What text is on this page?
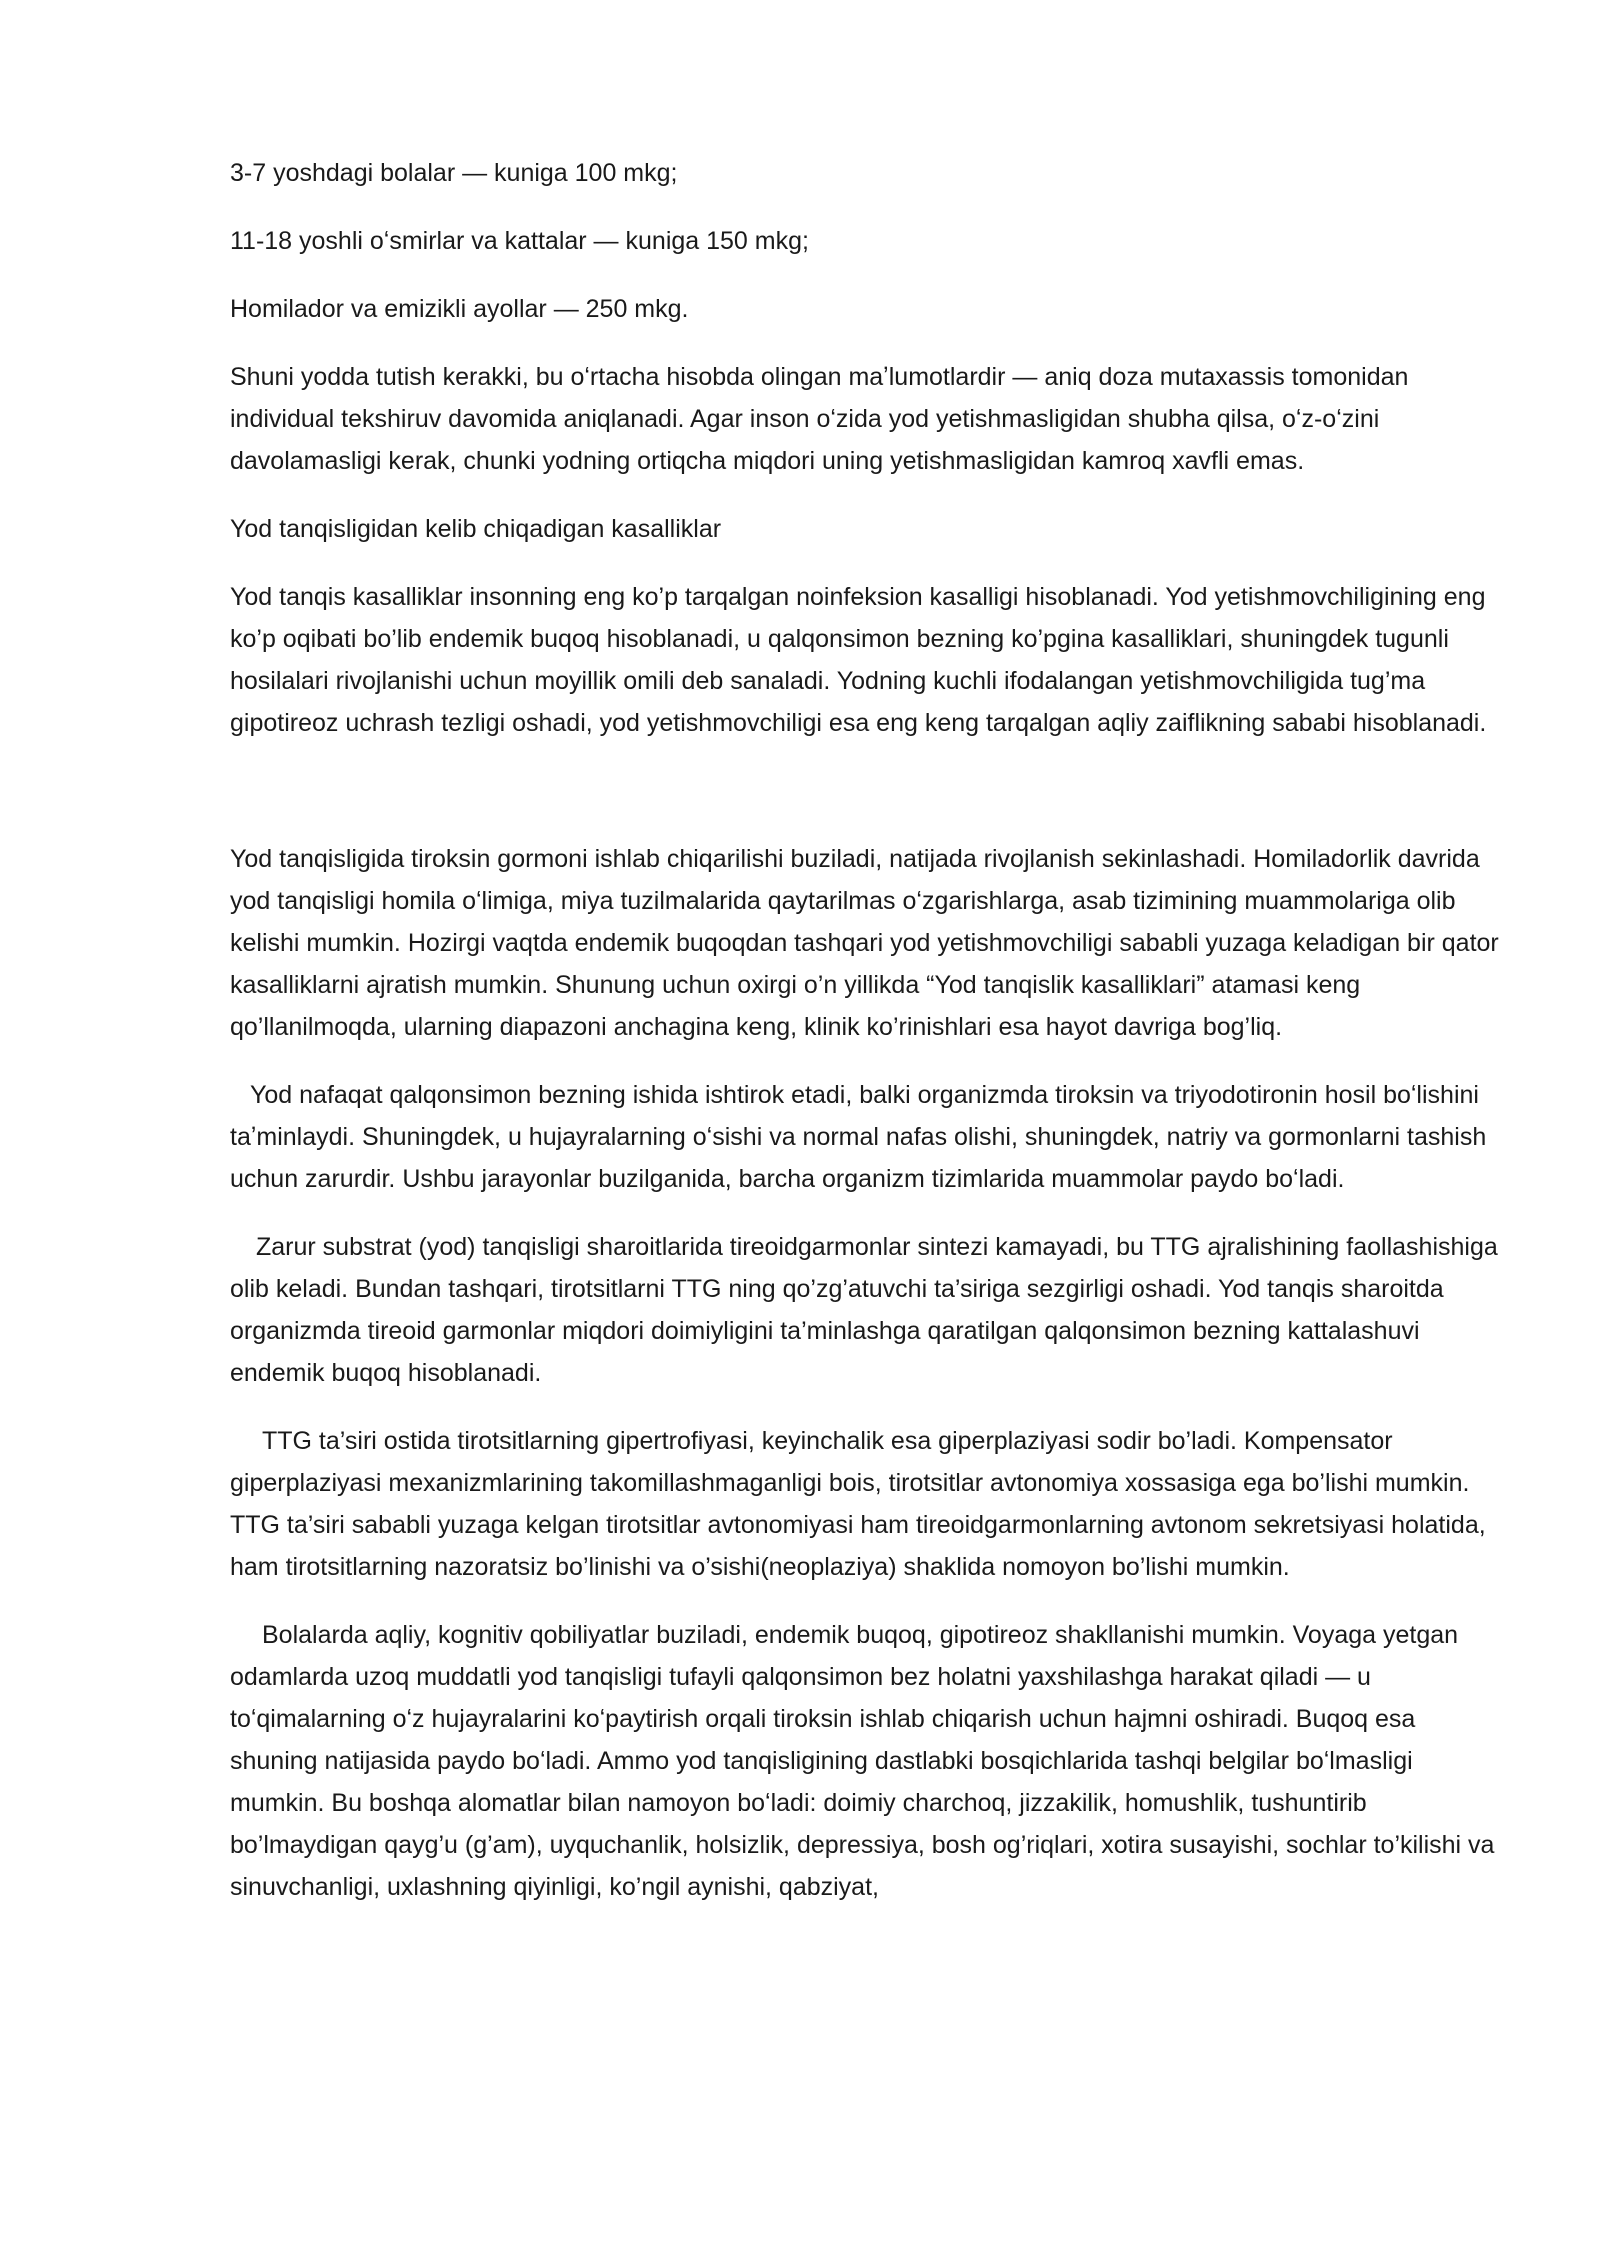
3-7 yoshdagi bolalar — kuniga 100 mkg;

11-18 yoshli oʻsmirlar va kattalar — kuniga 150 mkg;

Homilador va emizikli ayollar — 250 mkg.

Shuni yodda tutish kerakki, bu oʻrtacha hisobda olingan maʼlumotlardir — aniq doza mutaxassis tomonidan individual tekshiruv davomida aniqlanadi. Agar inson oʻzida yod yetishmasligidan shubha qilsa, oʻz-oʻzini davolamasligi kerak, chunki yodning ortiqcha miqdori uning yetishmasligidan kamroq xavfli emas.

Yod tanqisligidan kelib chiqadigan kasalliklar

Yod tanqis kasalliklar insonning eng ko’p tarqalgan noinfeksion kasalligi hisoblanadi. Yod yetishmovchiligining eng ko’p oqibati bo’lib endemik buqoq hisoblanadi, u qalqonsimon bezning ko’pgina kasalliklari, shuningdek tugunli hosilalari rivojlanishi uchun moyillik omili deb sanaladi. Yodning kuchli ifodalangan yetishmovchiligida tug’ma gipotireoz uchrash tezligi oshadi, yod yetishmovchiligi esa eng keng tarqalgan aqliy zaiflikning sababi hisoblanadi.

Yod tanqisligida tiroksin gormoni ishlab chiqarilishi buziladi, natijada rivojlanish sekinlashadi. Homiladorlik davrida yod tanqisligi homila oʻlimiga, miya tuzilmalarida qaytarilmas oʻzgarishlarga, asab tizimining muammolariga olib kelishi mumkin. Hozirgi vaqtda endemik buqoqdan tashqari yod yetishmovchiligi sababli yuzaga keladigan bir qator kasalliklarni ajratish mumkin. Shunung uchun oxirgi o’n yillikda “Yod tanqislik kasalliklari” atamasi keng qo’llanilmoqda, ularning diapazoni anchagina keng, klinik ko’rinishlari esa hayot davriga bog’liq.

Yod nafaqat qalqonsimon bezning ishida ishtirok etadi, balki organizmda tiroksin va triyodotironin hosil boʻlishini taʼminlaydi. Shuningdek, u hujayralarning oʻsishi va normal nafas olishi, shuningdek, natriy va gormonlarni tashish uchun zarurdir. Ushbu jarayonlar buzilganida, barcha organizm tizimlarida muammolar paydo boʻladi.

Zarur substrat (yod) tanqisligi sharoitlarida tireoidgarmonlar sintezi kamayadi, bu TTG ajralishining faollashishiga olib keladi. Bundan tashqari, tirotsitlarni TTG ning qo’zg’atuvchi ta’siriga sezgirligi oshadi. Yod tanqis sharoitda organizmda tireoid garmonlar miqdori doimiyligini ta’minlashga qaratilgan qalqonsimon bezning kattalashuvi endemik buqoq hisoblanadi.

TTG ta’siri ostida tirotsitlarning gipertrofiyasi, keyinchalik esa giperplaziyasi sodir bo’ladi. Kompensator giperplaziyasi mexanizmlarining takomillashmaganligi bois, tirotsitlar avtonomiya xossasiga ega bo’lishi mumkin. TTG ta’siri sababli yuzaga kelgan tirotsitlar avtonomiyasi ham tireoidgarmonlarning avtonom sekretsiyasi holatida, ham tirotsitlarning nazoratsiz bo’linishi va o’sishi(neoplaziya) shaklida nomoyon bo’lishi mumkin.

Bolalarda aqliy, kognitiv qobiliyatlar buziladi, endemik buqoq, gipotireoz shakllanishi mumkin. Voyaga yetgan odamlarda uzoq muddatli yod tanqisligi tufayli qalqonsimon bez holatni yaxshilashga harakat qiladi — u toʻqimalarning oʻz hujayralarini koʻpaytirish orqali tiroksin ishlab chiqarish uchun hajmni oshiradi. Buqoq esa shuning natijasida paydo boʻladi. Ammo yod tanqisligining dastlabki bosqichlarida tashqi belgilar boʻlmasligi mumkin. Bu boshqa alomatlar bilan namoyon boʻladi: doimiy charchoq, jizzakilik, homushlik, tushuntirib bo’lmaydigan qayg’u (g’am), uyquchanlik, holsizlik, depressiya, bosh og’riqlari, xotira susayishi, sochlar to’kilishi va sinuvchanligi, uxlashning qiyinligi, ko’ngil aynishi, qabziyat,
